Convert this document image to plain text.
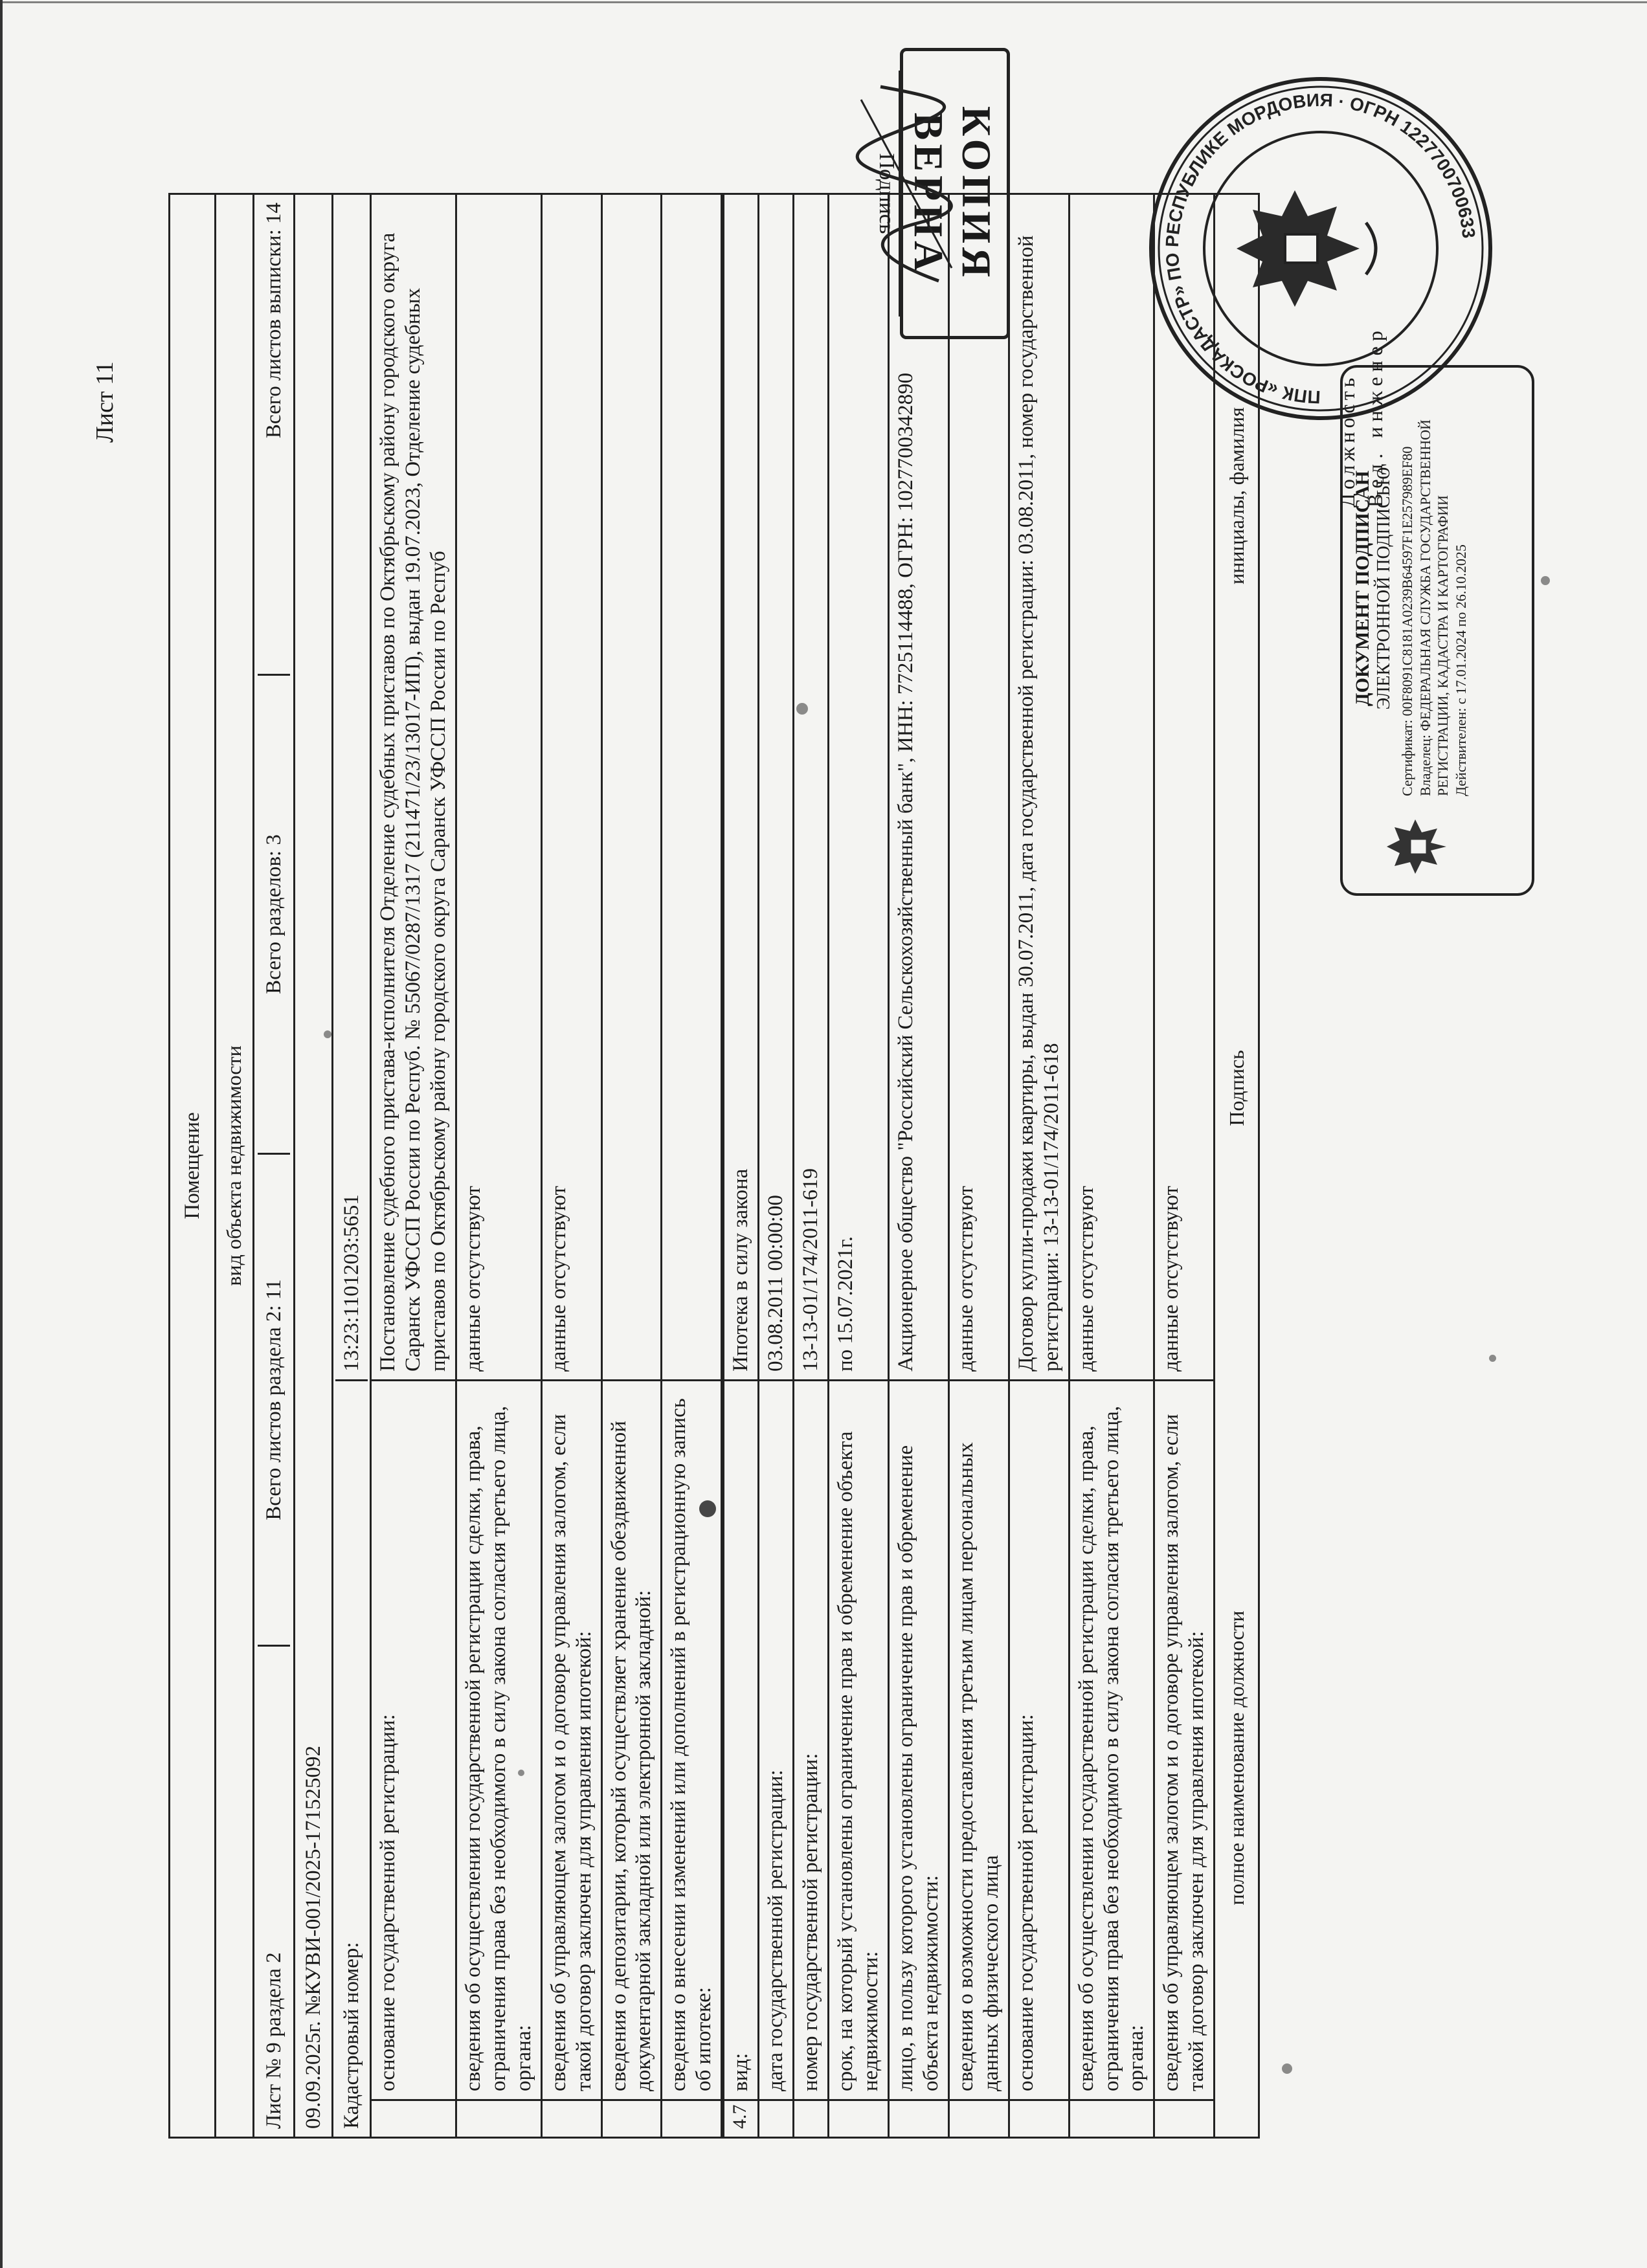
Лист 11
Помещение вид объекта недвижимости
Лист № 9 раздела 2
Всего листов раздела 2: 11
Всего разделов: 3
Всего листов выписки: 14
09.09.2025г. №КУВИ-001/2025-171525092 Кадастровый номер:
13:23:1101203:5651
основание государственной регистрации:
Постановление судебного пристава-исполнителя Отделение судебных приставов по Октябрьскому району городского округа Саранск УФССП России по Респуб. № 55067/0287/1317 (211471/23/13017-ИП), выдан 19.07.2023, Отделение судебных приставов по Октябрьскому району городского округа Саранск УФССП России по Респуб
сведения об осуществлении государственной регистрации сделки, права, ограничения права без необходимого в силу закона согласия третьего лица, органа:
данные отсутствуют
сведения об управляющем залогом и о договоре управления залогом, если такой договор заключен для управления ипотекой:
данные отсутствуют
сведения о депозитарии, который осуществляет хранение обездвиженной документарной закладной или электронной закладной: сведения о внесении изменений или дополнений в регистрационную запись об ипотеке:
4.7
вид:
Ипотека в силу закона
дата государственной регистрации:
03.08.2011 00:00:00
номер государственной регистрации:
13-13-01/174/2011-619
срок, на который установлены ограничение прав и обременение объекта недвижимости:
по 15.07.2021г.
лицо, в пользу которого установлены ограничение прав и обременение объекта недвижимости:
Акционерное общество "Российский Сельскохозяйственный банк", ИНН: 7725114488, ОГРН: 1027700342890
сведения о возможности предоставления третьим лицам персональных данных физического лица
данные отсутствуют
основание государственной регистрации:
Договор купли-продажи квартиры, выдан 30.07.2011, дата государственной регистрации: 03.08.2011, номер государственной регистрации: 13-13-01/174/2011-618
сведения об осуществлении государственной регистрации сделки, права, ограничения права без необходимого в силу закона согласия третьего лица, органа:
данные отсутствуют
сведения об управляющем залогом и о договоре управления залогом, если такой договор заключен для управления ипотекой:
данные отсутствуют
полное наименование должности
Подпись
инициалы, фамилия	ДОКУМЕНТ ПОДПИСАН ЭЛЕКТРОННОЙ ПОДПИСЬЮ Сертификат: 00F8091C8181A0239B64597F1E257989EF80 Владелец: ФЕДЕРАЛЬНАЯ СЛУЖБА ГОСУДАРСТВЕННОЙ РЕГИСТРАЦИИ, КАДАСТРА И КАРТОГРАФИИ Действителен: с 17.01.2024 по 26.10.2025
Должность Вед. инженер
КОПИЯ ВЕРНА
Подпись
ППК «РОСКАДАСТР» ПО РЕСПУБЛИКЕ МОРДОВИЯ · ОГРН 1227700700633
